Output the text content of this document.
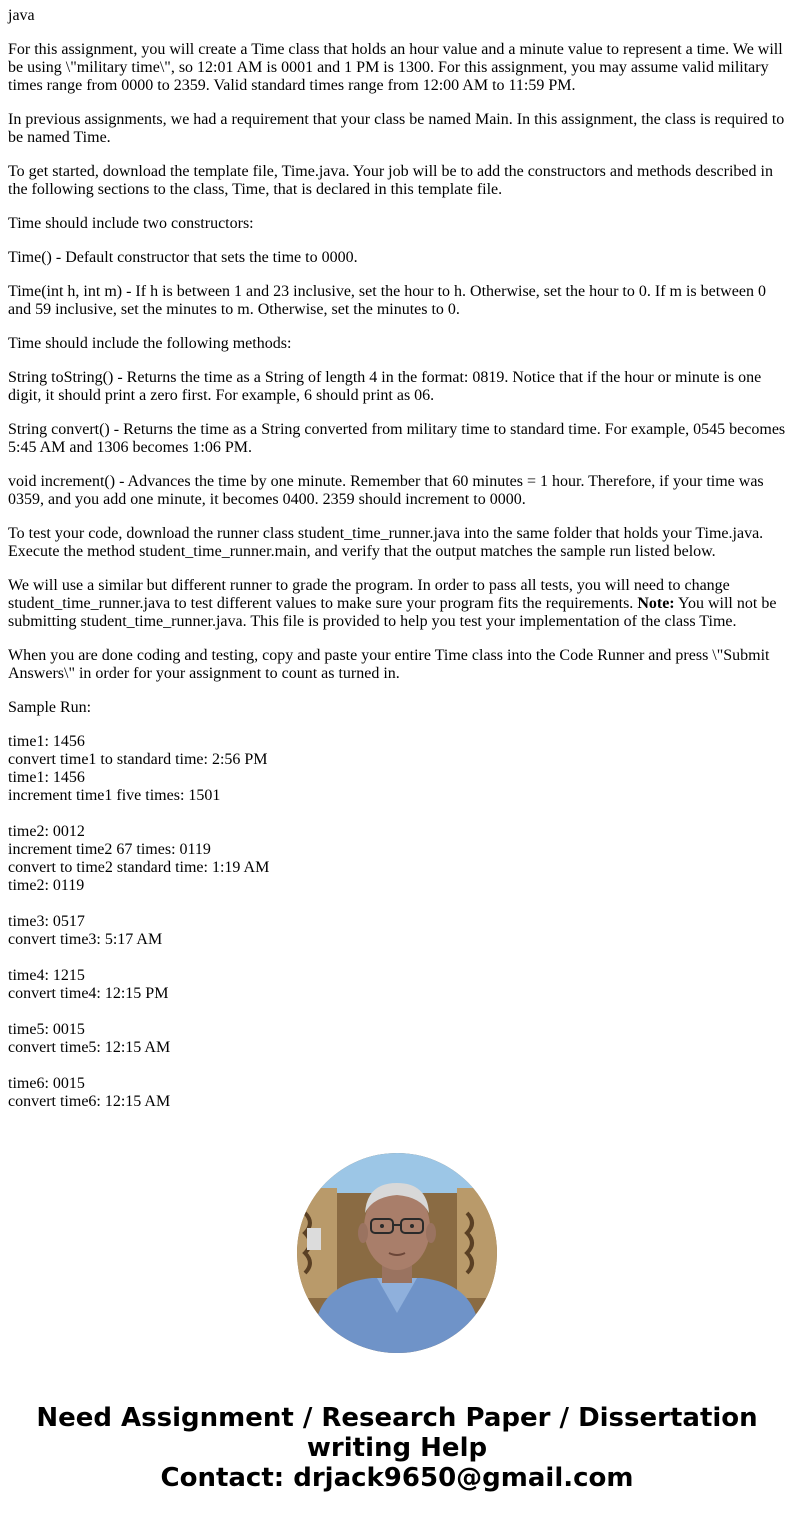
java

For this assignment, you will create a Time class that holds an hour value and a minute value to represent a time. We will be using \"military time\", so 12:01 AM is 0001 and 1 PM is 1300. For this assignment, you may assume valid military times range from 0000 to 2359. Valid standard times range from 12:00 AM to 11:59 PM.

In previous assignments, we had a requirement that your class be named Main. In this assignment, the class is required to be named Time.

To get started, download the template file, Time.java. Your job will be to add the constructors and methods described in the following sections to the class, Time, that is declared in this template file.

Time should include two constructors:

Time() - Default constructor that sets the time to 0000.

Time(int h, int m) - If h is between 1 and 23 inclusive, set the hour to h. Otherwise, set the hour to 0. If m is between 0 and 59 inclusive, set the minutes to m. Otherwise, set the minutes to 0.

Time should include the following methods:

String toString() - Returns the time as a String of length 4 in the format: 0819. Notice that if the hour or minute is one digit, it should print a zero first. For example, 6 should print as 06.

String convert() - Returns the time as a String converted from military time to standard time. For example, 0545 becomes 5:45 AM and 1306 becomes 1:06 PM.

void increment() - Advances the time by one minute. Remember that 60 minutes = 1 hour. Therefore, if your time was 0359, and you add one minute, it becomes 0400. 2359 should increment to 0000.

To test your code, download the runner class student_time_runner.java into the same folder that holds your Time.java. Execute the method student_time_runner.main, and verify that the output matches the sample run listed below.

We will use a similar but different runner to grade the program. In order to pass all tests, you will need to change student_time_runner.java to test different values to make sure your program fits the requirements. Note: You will not be submitting student_time_runner.java. This file is provided to help you test your implementation of the class Time.

When you are done coding and testing, copy and paste your entire Time class into the Code Runner and press \"Submit Answers\" in order for your assignment to count as turned in.

Sample Run:

time1: 1456
convert time1 to standard time: 2:56 PM
time1: 1456
increment time1 five times: 1501
time2: 0012
increment time2 67 times: 0119
convert to time2 standard time: 1:19 AM
time2: 0119
time3: 0517
convert time3: 5:17 AM
time4: 1215
convert time4: 12:15 PM
time5: 0015
convert time5: 12:15 AM
time6: 0015
convert time6: 12:15 AM
Need Assignment / Research Paper / Dissertation
writing Help
Contact: drjack9650@gmail.com
